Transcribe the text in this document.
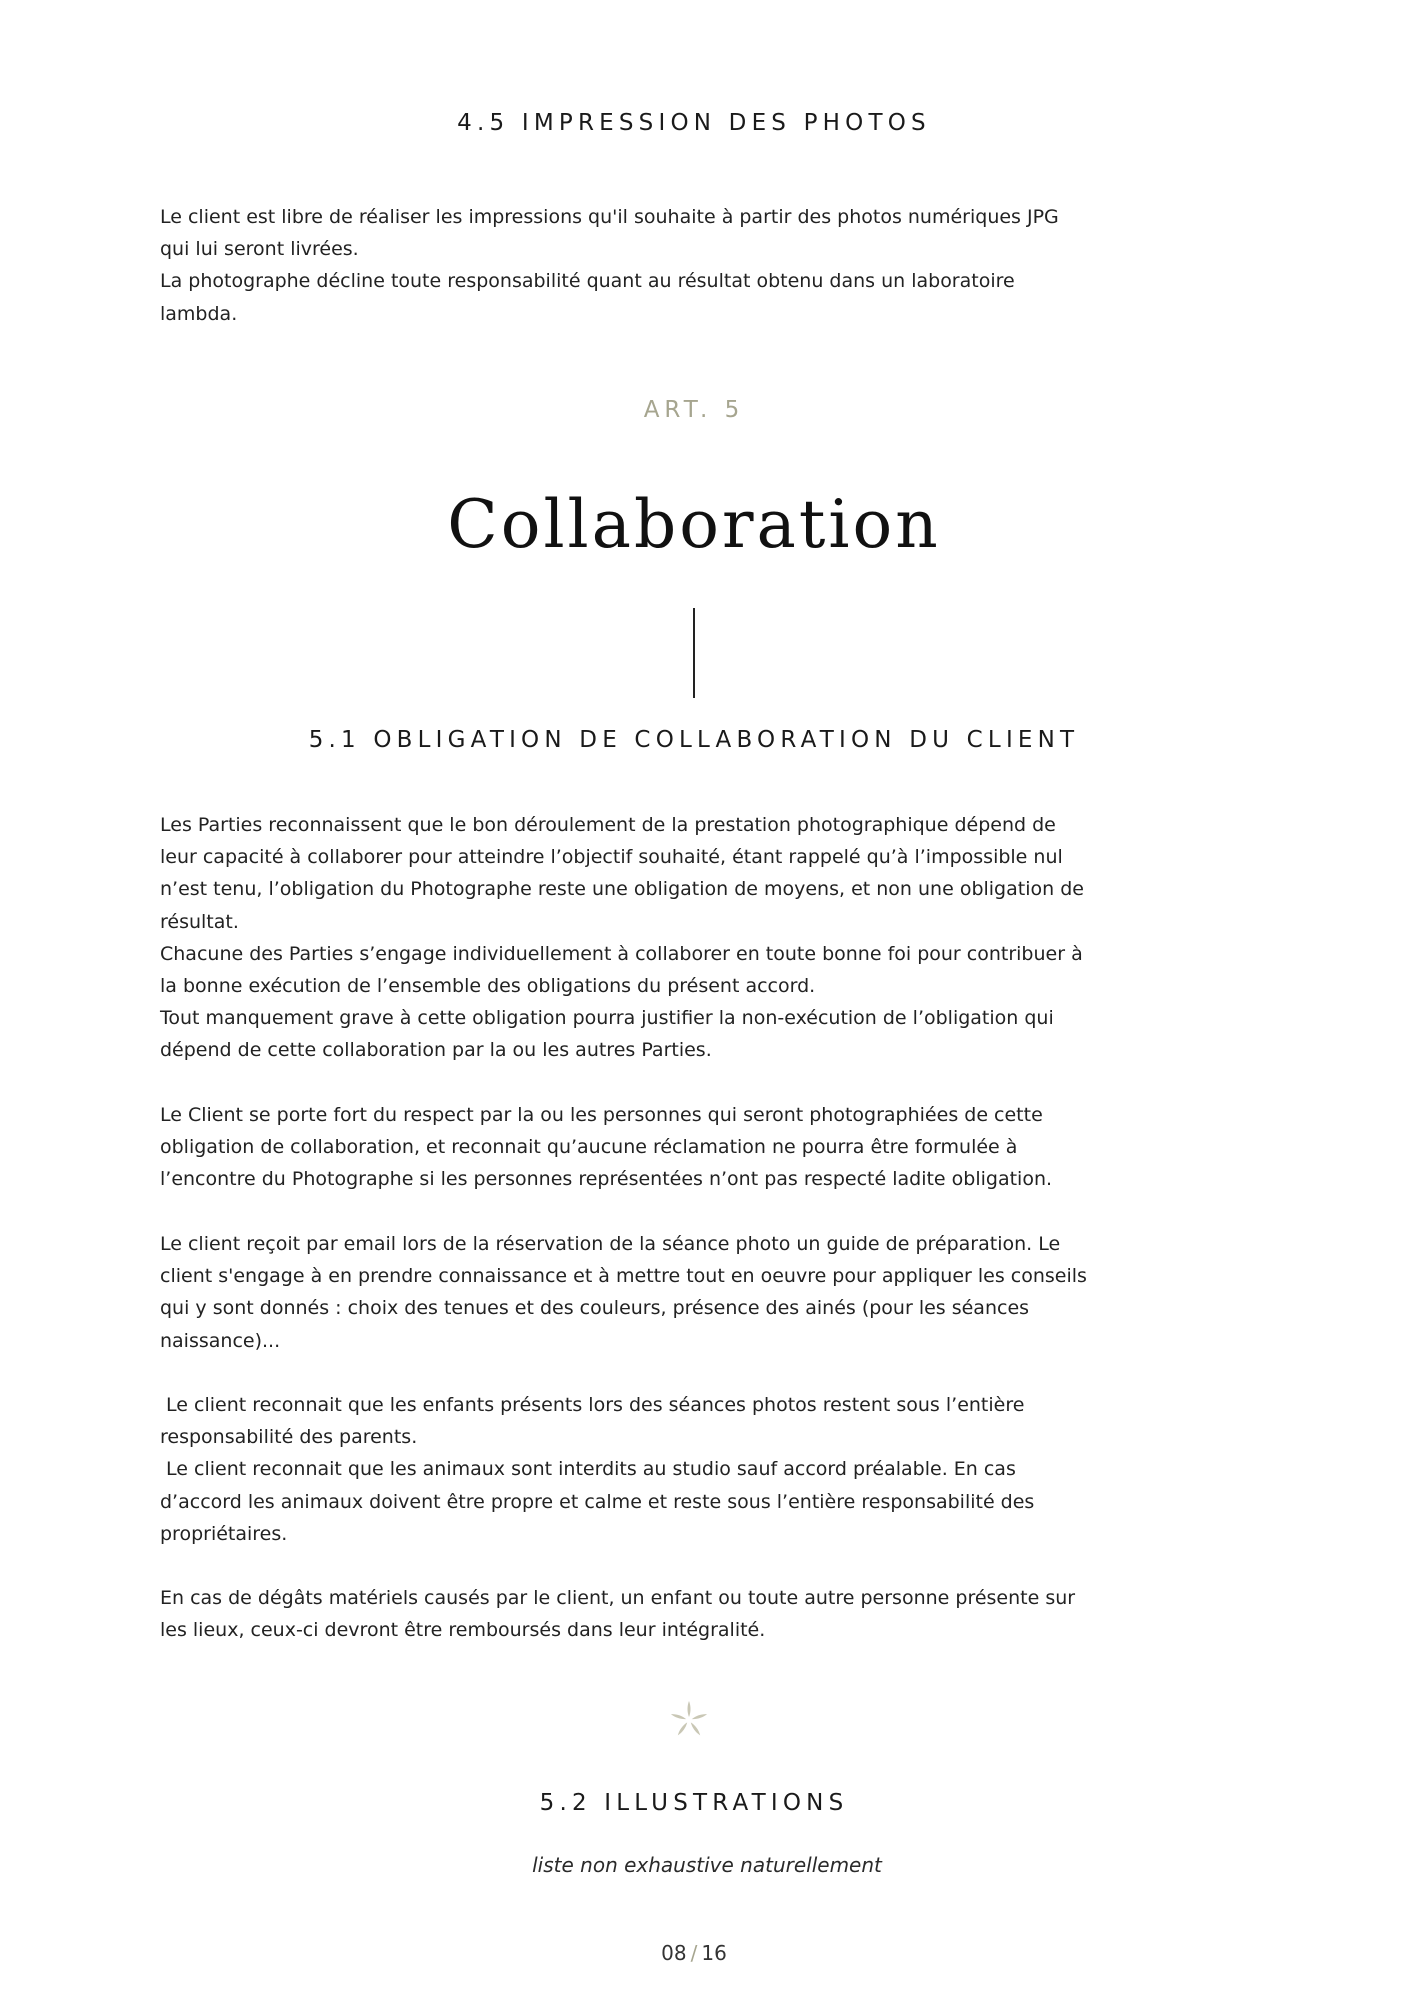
4.5 IMPRESSION DES PHOTOS

Le client est libre de réaliser les impressions qu'il souhaite à partir des photos numériques JPG
qui lui seront livrées.
La photographe décline toute responsabilité quant au résultat obtenu dans un laboratoire
lambda.

ART. 5

Collaboration
5.1 OBLIGATION DE COLLABORATION DU CLIENT

Les Parties reconnaissent que le bon déroulement de la prestation photographique dépend de
leur capacité à collaborer pour atteindre l’objectif souhaité, étant rappelé qu’à l’impossible nul
n’est tenu, l’obligation du Photographe reste une obligation de moyens, et non une obligation de
résultat.
Chacune des Parties s’engage individuellement à collaborer en toute bonne foi pour contribuer à
la bonne exécution de l’ensemble des obligations du présent accord.
Tout manquement grave à cette obligation pourra justifier la non-exécution de l’obligation qui
dépend de cette collaboration par la ou les autres Parties.

Le Client se porte fort du respect par la ou les personnes qui seront photographiées de cette
obligation de collaboration, et reconnait qu’aucune réclamation ne pourra être formulée à
l’encontre du Photographe si les personnes représentées n’ont pas respecté ladite obligation.

Le client reçoit par email lors de la réservation de la séance photo un guide de préparation. Le
client s'engage à en prendre connaissance et à mettre tout en oeuvre pour appliquer les conseils
qui y sont donnés : choix des tenues et des couleurs, présence des ainés (pour les séances
naissance)...

Le client reconnait que les enfants présents lors des séances photos restent sous l’entière
responsabilité des parents.
Le client reconnait que les animaux sont interdits au studio sauf accord préalable. En cas
d’accord les animaux doivent être propre et calme et reste sous l’entière responsabilité des
propriétaires.

En cas de dégâts matériels causés par le client, un enfant ou toute autre personne présente sur
les lieux, ceux-ci devront être remboursés dans leur intégralité.

5.2 ILLUSTRATIONS

liste non exhaustive naturellement

08 / 16
